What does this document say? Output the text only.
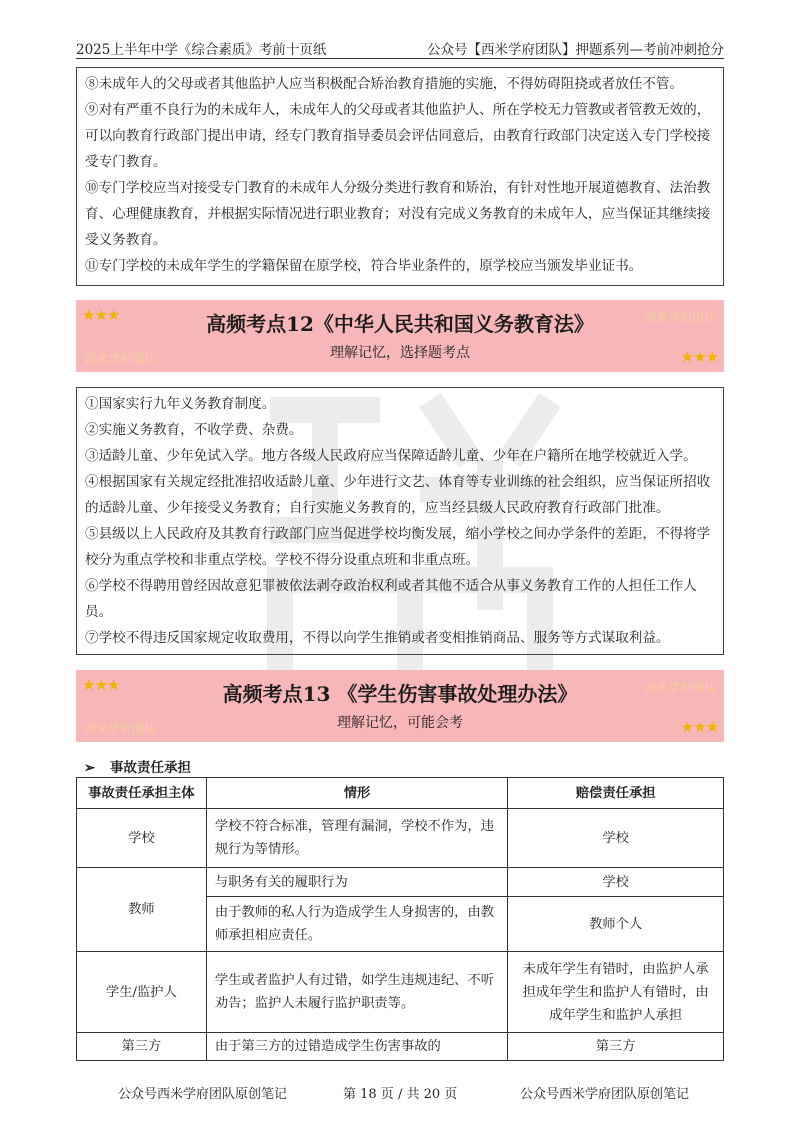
2025上半年中学《综合素质》考前十页纸	公众号【西米学府团队】押题系列—考前冲刺抢分

⑧未成年人的父母或者其他监护人应当积极配合矫治教育措施的实施，不得妨碍阻挠或者放任不管。

⑨对有严重不良行为的未成年人，未成年人的父母或者其他监护人、所在学校无力管教或者管教无效的，可以向教育行政部门提出申请，经专门教育指导委员会评估同意后，由教育行政部门决定送入专门学校接受专门教育。

⑩专门学校应当对接受专门教育的未成年人分级分类进行教育和矫治，有针对性地开展道德教育、法治教育、心理健康教育，并根据实际情况进行职业教育；对没有完成义务教育的未成年人，应当保证其继续接受义务教育。

⑪专门学校的未成年学生的学籍保留在原学校，符合毕业条件的，原学校应当颁发毕业证书。

★★★	西米学府团队
西米学府团队	★★★
高频考点12《中华人民共和国义务教育法》
理解记忆，选择题考点

①国家实行九年义务教育制度。

②实施义务教育，不收学费、杂费。

③适龄儿童、少年免试入学。地方各级人民政府应当保障适龄儿童、少年在户籍所在地学校就近入学。

④根据国家有关规定经批准招收适龄儿童、少年进行文艺、体育等专业训练的社会组织，应当保证所招收的适龄儿童、少年接受义务教育；自行实施义务教育的，应当经县级人民政府教育行政部门批准。

⑤县级以上人民政府及其教育行政部门应当促进学校均衡发展，缩小学校之间办学条件的差距，不得将学校分为重点学校和非重点学校。学校不得分设重点班和非重点班。

⑥学校不得聘用曾经因故意犯罪被依法剥夺政治权利或者其他不适合从事义务教育工作的人担任工作人员。

⑦学校不得违反国家规定收取费用，不得以向学生推销或者变相推销商品、服务等方式谋取利益。

★★★	西米学府团队
西米学府团队	★★★
高频考点13 《学生伤害事故处理办法》
理解记忆，可能会考
➢ 事故责任承担
事故责任承担主体	情形	赔偿责任承担
学校	学校不符合标准，管理有漏洞，学校不作为，违规行为等情形。	学校
教师	与职务有关的履职行为	学校
	由于教师的私人行为造成学生人身损害的，由教师承担相应责任。	教师个人
学生/监护人	学生或者监护人有过错，如学生违规违纪、不听劝告；监护人未履行监护职责等。	未成年学生有错时，由监护人承担成年学生和监护人有错时，由成年学生和监护人承担
第三方	由于第三方的过错造成学生伤害事故的	第三方
公众号西米学府团队原创笔记	第 18 页 / 共 20 页	公众号西米学府团队原创笔记
